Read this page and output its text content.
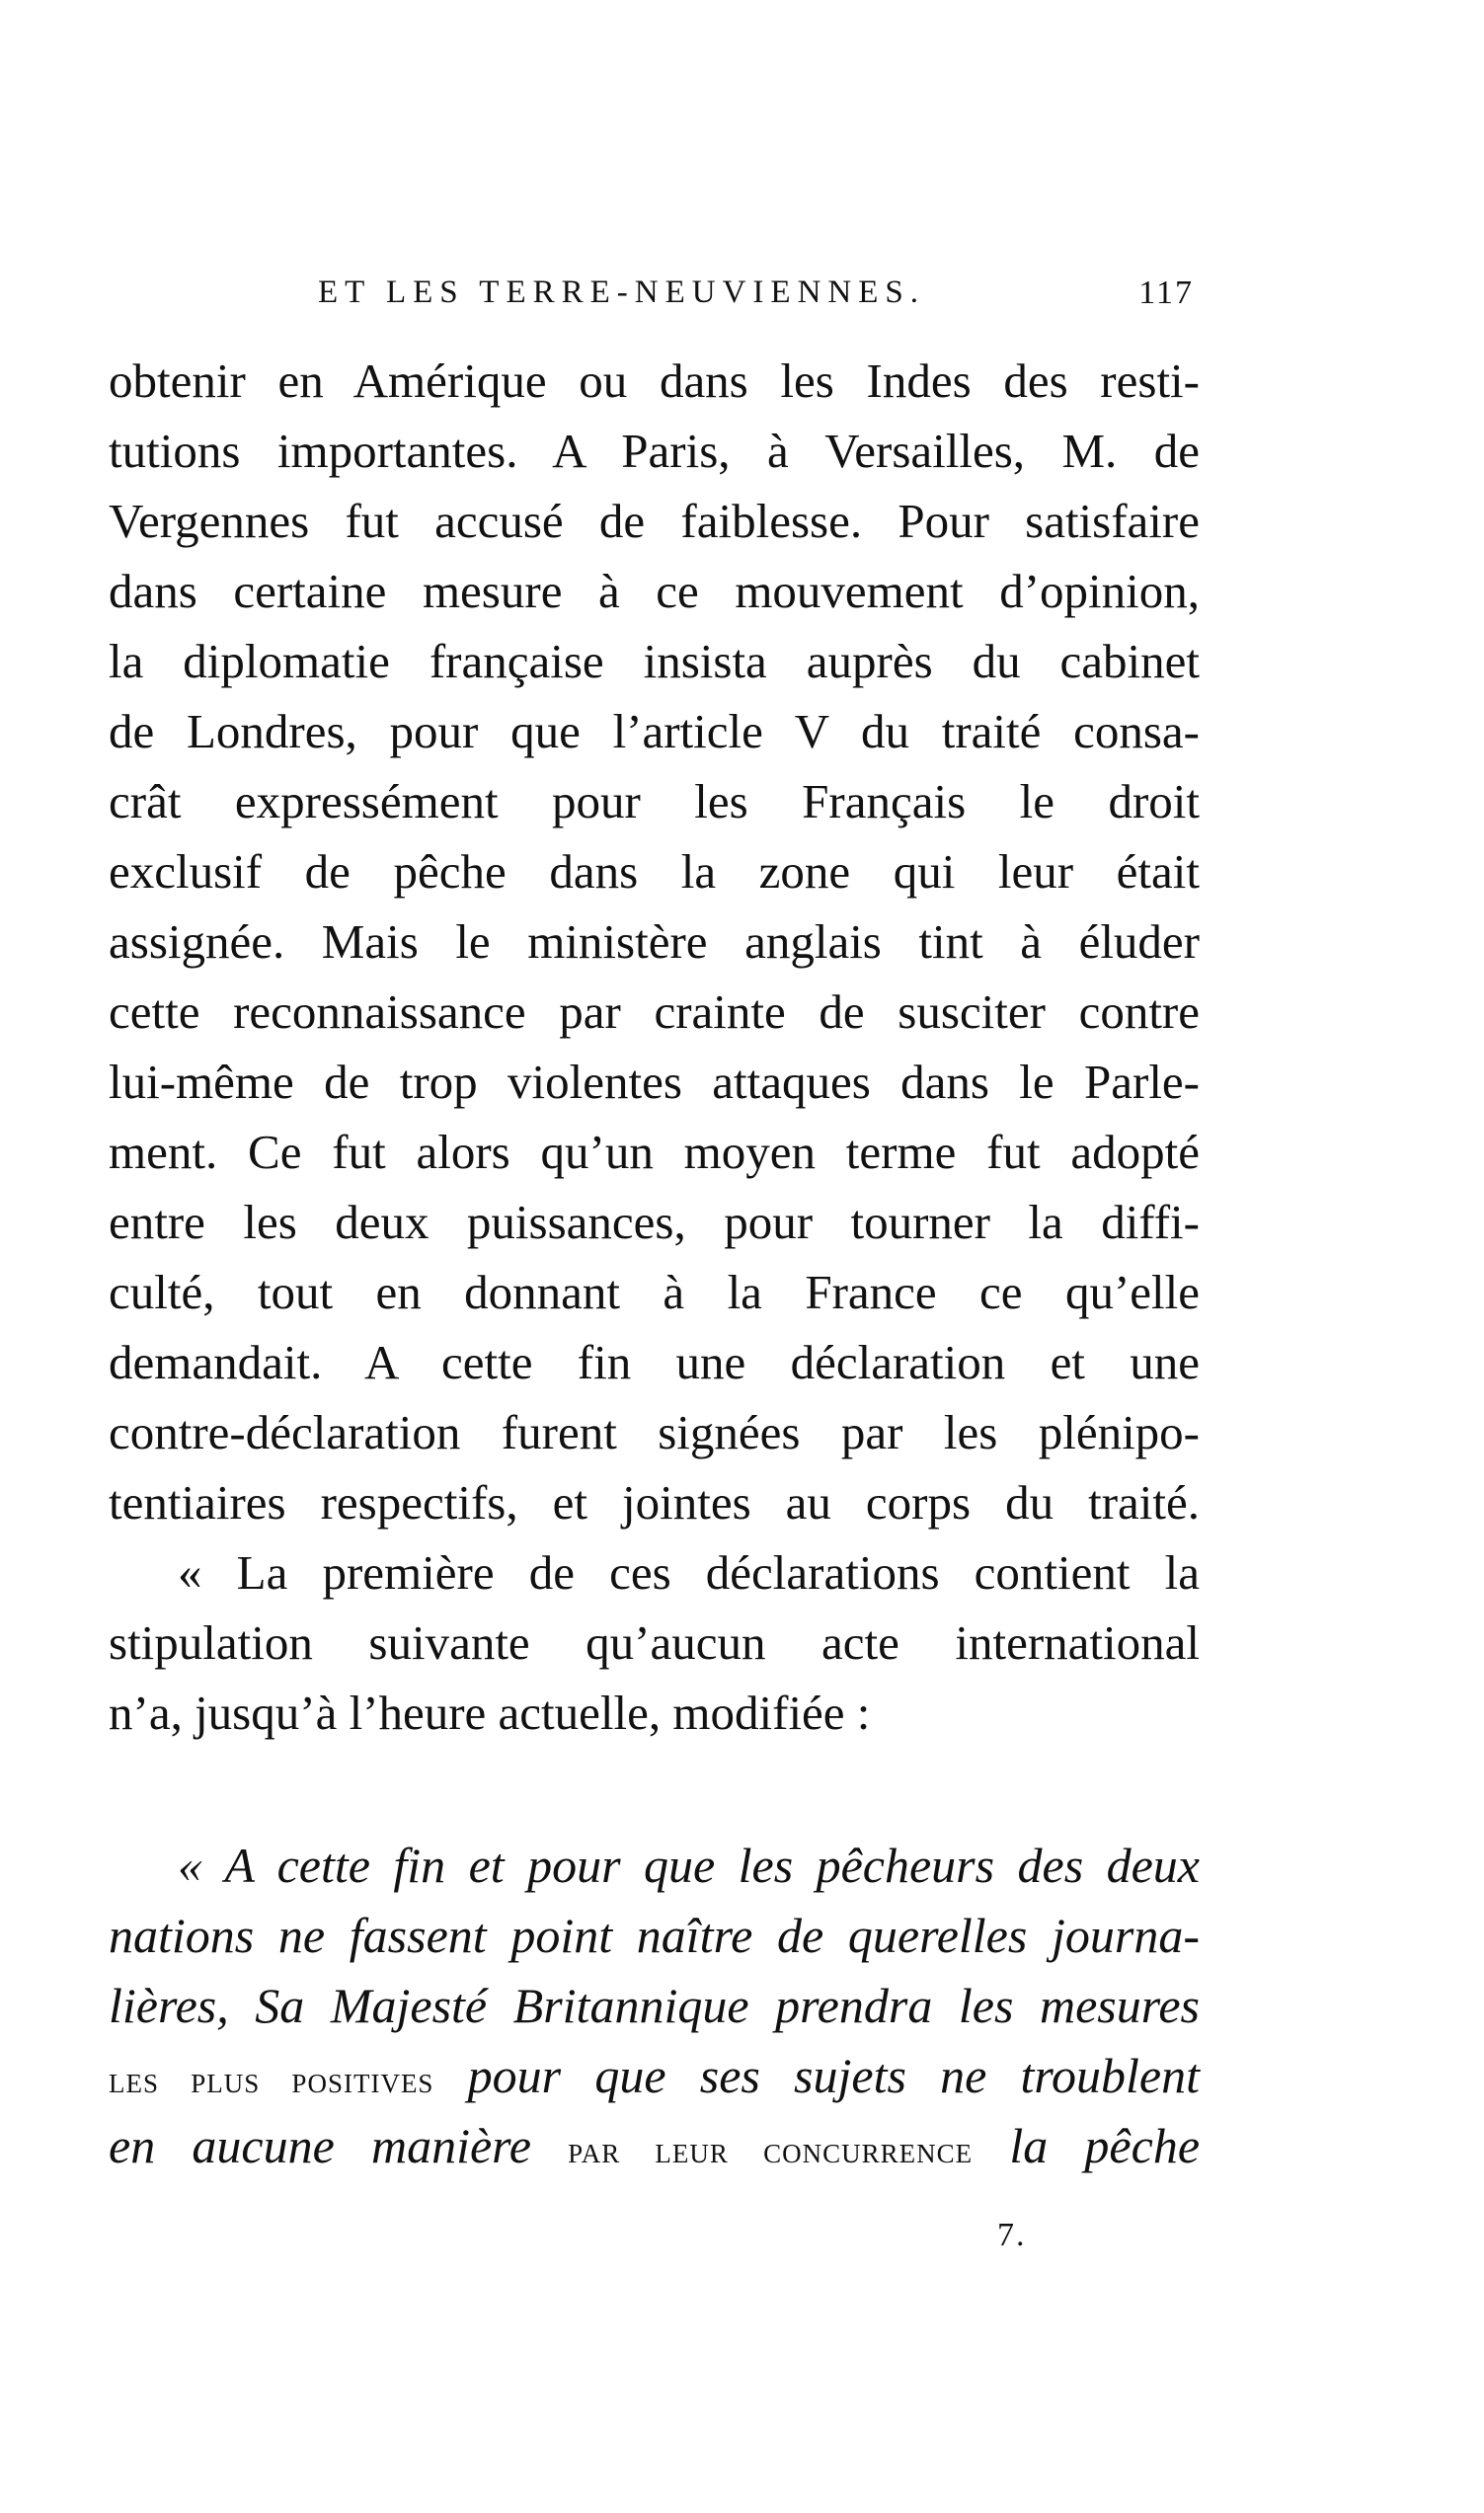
ET LES TERRE-NEUVIENNES.	117
obtenir en Amérique ou dans les Indes des resti-
tutions importantes. A Paris, à Versailles, M. de
Vergennes fut accusé de faiblesse. Pour satisfaire
dans certaine mesure à ce mouvement d’opinion,
la diplomatie française insista auprès du cabinet
de Londres, pour que l’article V du traité consa-
crât expressément pour les Français le droit
exclusif de pêche dans la zone qui leur était
assignée. Mais le ministère anglais tint à éluder
cette reconnaissance par crainte de susciter contre
lui-même de trop violentes attaques dans le Parle-
ment. Ce fut alors qu’un moyen terme fut adopté
entre les deux puissances, pour tourner la diffi-
culté, tout en donnant à la France ce qu’elle
demandait. A cette fin une déclaration et une
contre-déclaration furent signées par les plénipo-
tentiaires respectifs, et jointes au corps du traité.
« La première de ces déclarations contient la
stipulation suivante qu’aucun acte international
n’a, jusqu’à l’heure actuelle, modifiée :
« A cette fin et pour que les pêcheurs des deux
nations ne fassent point naître de querelles journa-
lières, Sa Majesté Britannique prendra les mesures
les plus positives pour que ses sujets ne troublent
en aucune manière par leur concurrence la pêche
7.
